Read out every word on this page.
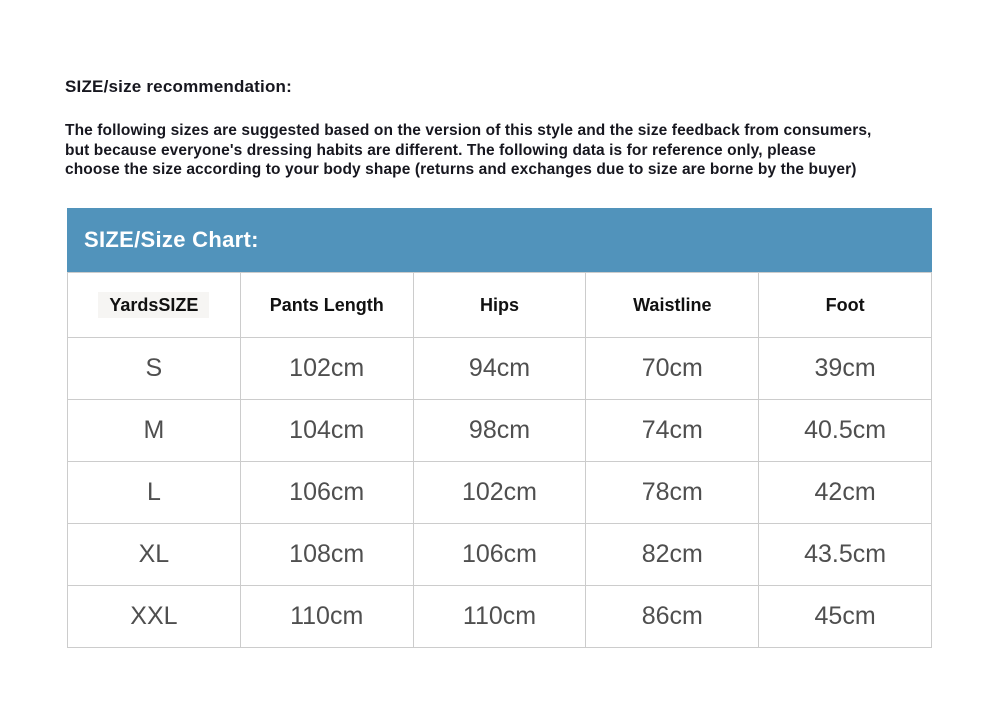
SIZE/size recommendation:
The following sizes are suggested based on the version of this style and the size feedback from consumers,
but because everyone's dressing habits are different. The following data is for reference only, please
choose the size according to your body shape (returns and exchanges due to size are borne by the buyer)
SIZE/Size Chart:
YardsSIZE	Pants Length	Hips	Waistline	Foot
S	102cm	94cm	70cm	39cm
M	104cm	98cm	74cm	40.5cm
L	106cm	102cm	78cm	42cm
XL	108cm	106cm	82cm	43.5cm
XXL	110cm	110cm	86cm	45cm
